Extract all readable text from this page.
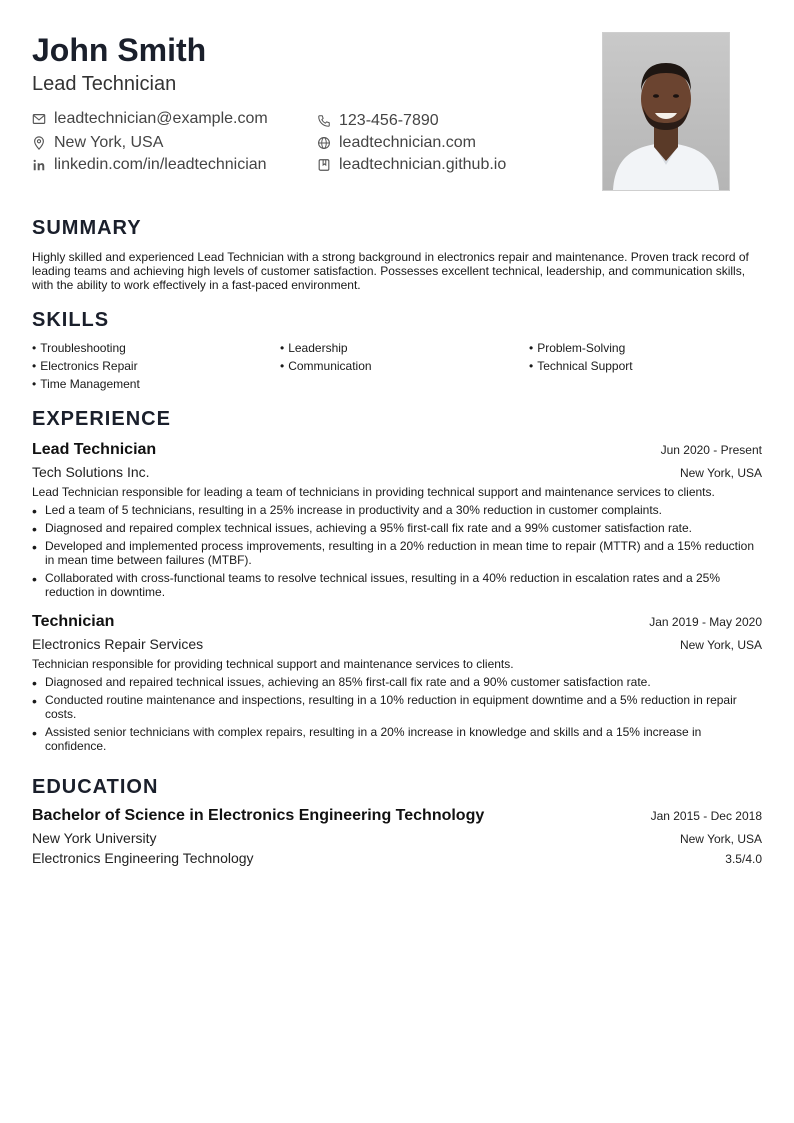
John Smith
Lead Technician
leadtechnician@example.com	123-456-7890
New York, USA	leadtechnician.com
linkedin.com/in/leadtechnician	leadtechnician.github.io
SUMMARY
Highly skilled and experienced Lead Technician with a strong background in electronics repair and maintenance. Proven track record of leading teams and achieving high levels of customer satisfaction. Possesses excellent technical, leadership, and communication skills, with the ability to work effectively in a fast-paced environment.
SKILLS
• Troubleshooting	• Leadership	• Problem-Solving
• Electronics Repair	• Communication	• Technical Support
• Time Management
EXPERIENCE
Lead Technician	Jun 2020 - Present
Tech Solutions Inc.	New York, USA
Lead Technician responsible for leading a team of technicians in providing technical support and maintenance services to clients.
• Led a team of 5 technicians, resulting in a 25% increase in productivity and a 30% reduction in customer complaints.
• Diagnosed and repaired complex technical issues, achieving a 95% first-call fix rate and a 99% customer satisfaction rate.
• Developed and implemented process improvements, resulting in a 20% reduction in mean time to repair (MTTR) and a 15% reduction in mean time between failures (MTBF).
• Collaborated with cross-functional teams to resolve technical issues, resulting in a 40% reduction in escalation rates and a 25% reduction in downtime.
Technician	Jan 2019 - May 2020
Electronics Repair Services	New York, USA
Technician responsible for providing technical support and maintenance services to clients.
• Diagnosed and repaired technical issues, achieving an 85% first-call fix rate and a 90% customer satisfaction rate.
• Conducted routine maintenance and inspections, resulting in a 10% reduction in equipment downtime and a 5% reduction in repair costs.
• Assisted senior technicians with complex repairs, resulting in a 20% increase in knowledge and skills and a 15% increase in confidence.
EDUCATION
Bachelor of Science in Electronics Engineering Technology	Jan 2015 - Dec 2018
New York University	New York, USA
Electronics Engineering Technology	3.5/4.0
